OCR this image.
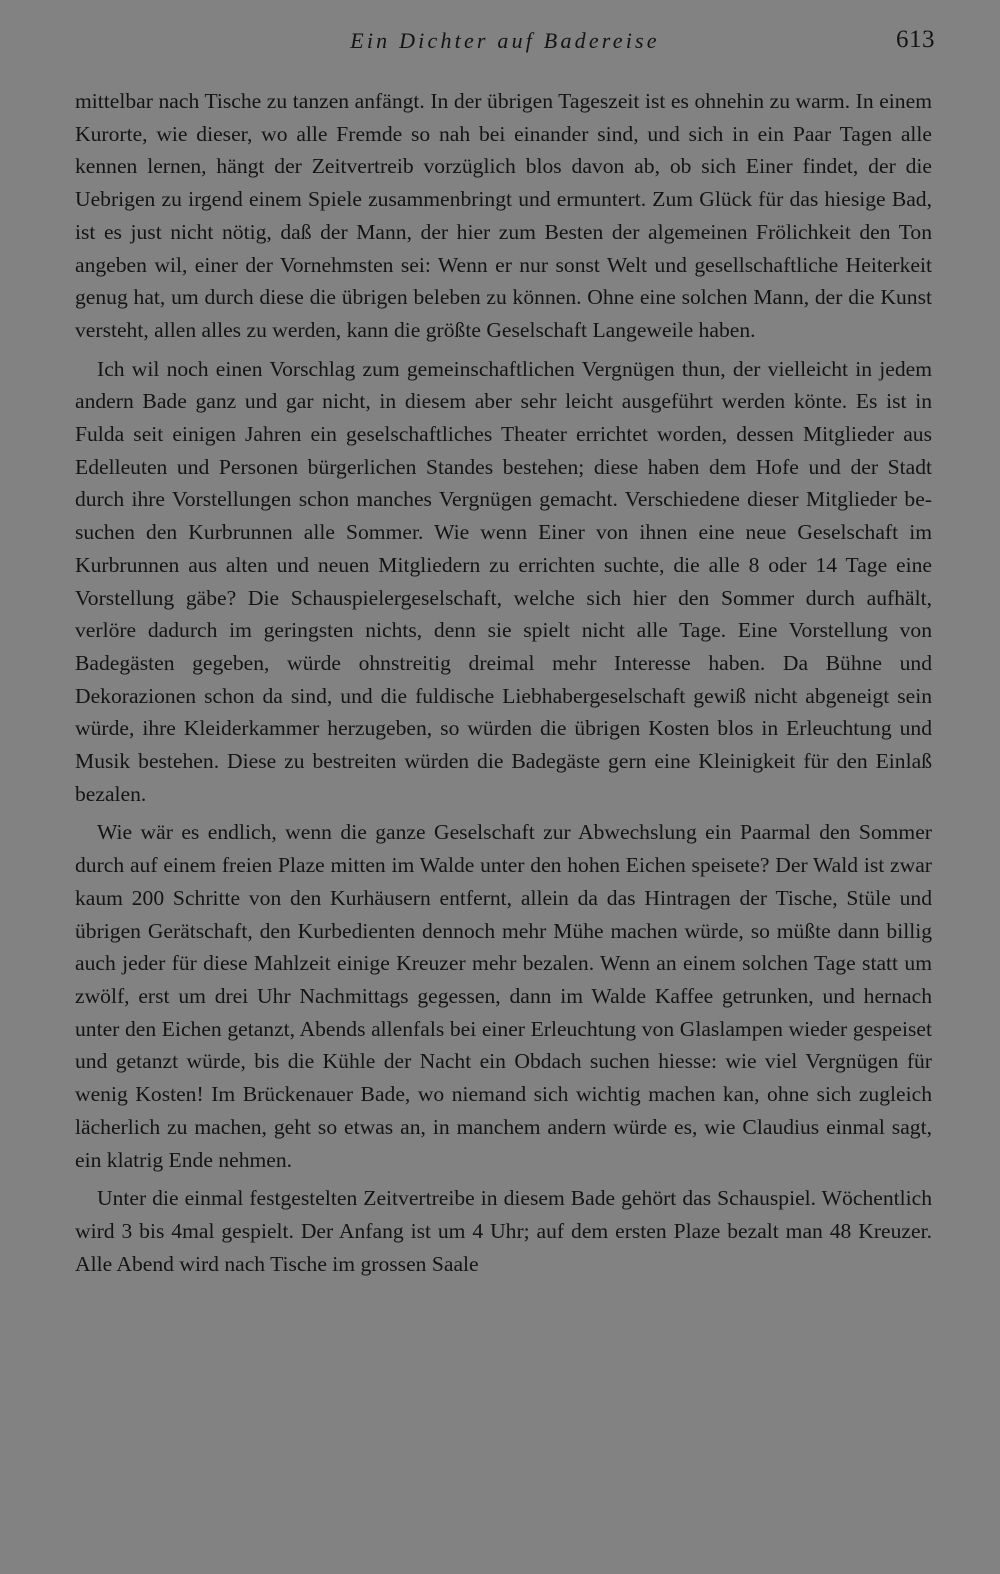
Ein Dichter auf Badereise	613

mittelbar nach Tische zu tanzen anfängt. In der übrigen Tageszeit ist es ohnehin zu warm. In einem Kurorte, wie dieser, wo alle Fremde so nah bei einander sind, und sich in ein Paar Tagen alle kennen lernen, hängt der Zeitvertreib vorzüglich blos davon ab, ob sich Einer findet, der die Uebrigen zu irgend einem Spiele zusammenbringt und ermuntert. Zum Glück für das hiesige Bad, ist es just nicht nötig, daß der Mann, der hier zum Besten der algemeinen Frölichkeit den Ton angeben wil, einer der Vornehmsten sei: Wenn er nur sonst Welt und gesellschaftliche Heiterkeit genug hat, um durch diese die übrigen beleben zu können. Ohne eine solchen Mann, der die Kunst versteht, allen alles zu werden, kann die größte Geselschaft Langeweile haben.

Ich wil noch einen Vorschlag zum gemeinschaftlichen Vergnügen thun, der vielleicht in jedem andern Bade ganz und gar nicht, in diesem aber sehr leicht ausgeführt werden könte. Es ist in Fulda seit einigen Jahren ein geselschaftliches Theater errichtet worden, dessen Mitglieder aus Edelleuten und Personen bürgerlichen Standes bestehen; diese haben dem Hofe und der Stadt durch ihre Vorstellungen schon manches Vergnügen gemacht. Verschiedene dieser Mitglieder besuchen den Kurbrunnen alle Sommer. Wie wenn Einer von ihnen eine neue Geselschaft im Kurbrunnen aus alten und neuen Mitgliedern zu errichten suchte, die alle 8 oder 14 Tage eine Vorstellung gäbe? Die Schauspielergeselschaft, welche sich hier den Sommer durch aufhält, verlöre dadurch im geringsten nichts, denn sie spielt nicht alle Tage. Eine Vorstellung von Badegästen gegeben, würde ohnstreitig dreimal mehr Interesse haben. Da Bühne und Dekorazionen schon da sind, und die fuldische Liebhabergeselschaft gewiß nicht abgeneigt sein würde, ihre Kleiderkammer herzugeben, so würden die übrigen Kosten blos in Erleuchtung und Musik bestehen. Diese zu bestreiten würden die Badegäste gern eine Kleinigkeit für den Einlaß bezalen.

Wie wär es endlich, wenn die ganze Geselschaft zur Abwechslung ein Paarmal den Sommer durch auf einem freien Plaze mitten im Walde unter den hohen Eichen speisete? Der Wald ist zwar kaum 200 Schritte von den Kurhäusern entfernt, allein da das Hintragen der Tische, Stüle und übrigen Gerätschaft, den Kurbedienten dennoch mehr Mühe machen würde, so müßte dann billig auch jeder für diese Mahlzeit einige Kreuzer mehr bezalen. Wenn an einem solchen Tage statt um zwölf, erst um drei Uhr Nachmittags gegessen, dann im Walde Kaffee getrunken, und hernach unter den Eichen getanzt, Abends allenfals bei einer Erleuchtung von Glaslampen wieder gespeiset und getanzt würde, bis die Kühle der Nacht ein Obdach suchen hiesse: wie viel Vergnügen für wenig Kosten! Im Brückenauer Bade, wo niemand sich wichtig machen kan, ohne sich zugleich lächerlich zu machen, geht so etwas an, in manchem andern würde es, wie Claudius einmal sagt, ein klatrig Ende nehmen.

Unter die einmal festgestelten Zeitvertreibe in diesem Bade gehört das Schauspiel. Wöchentlich wird 3 bis 4mal gespielt. Der Anfang ist um 4 Uhr; auf dem ersten Plaze bezalt man 48 Kreuzer. Alle Abend wird nach Tische im grossen Saale
